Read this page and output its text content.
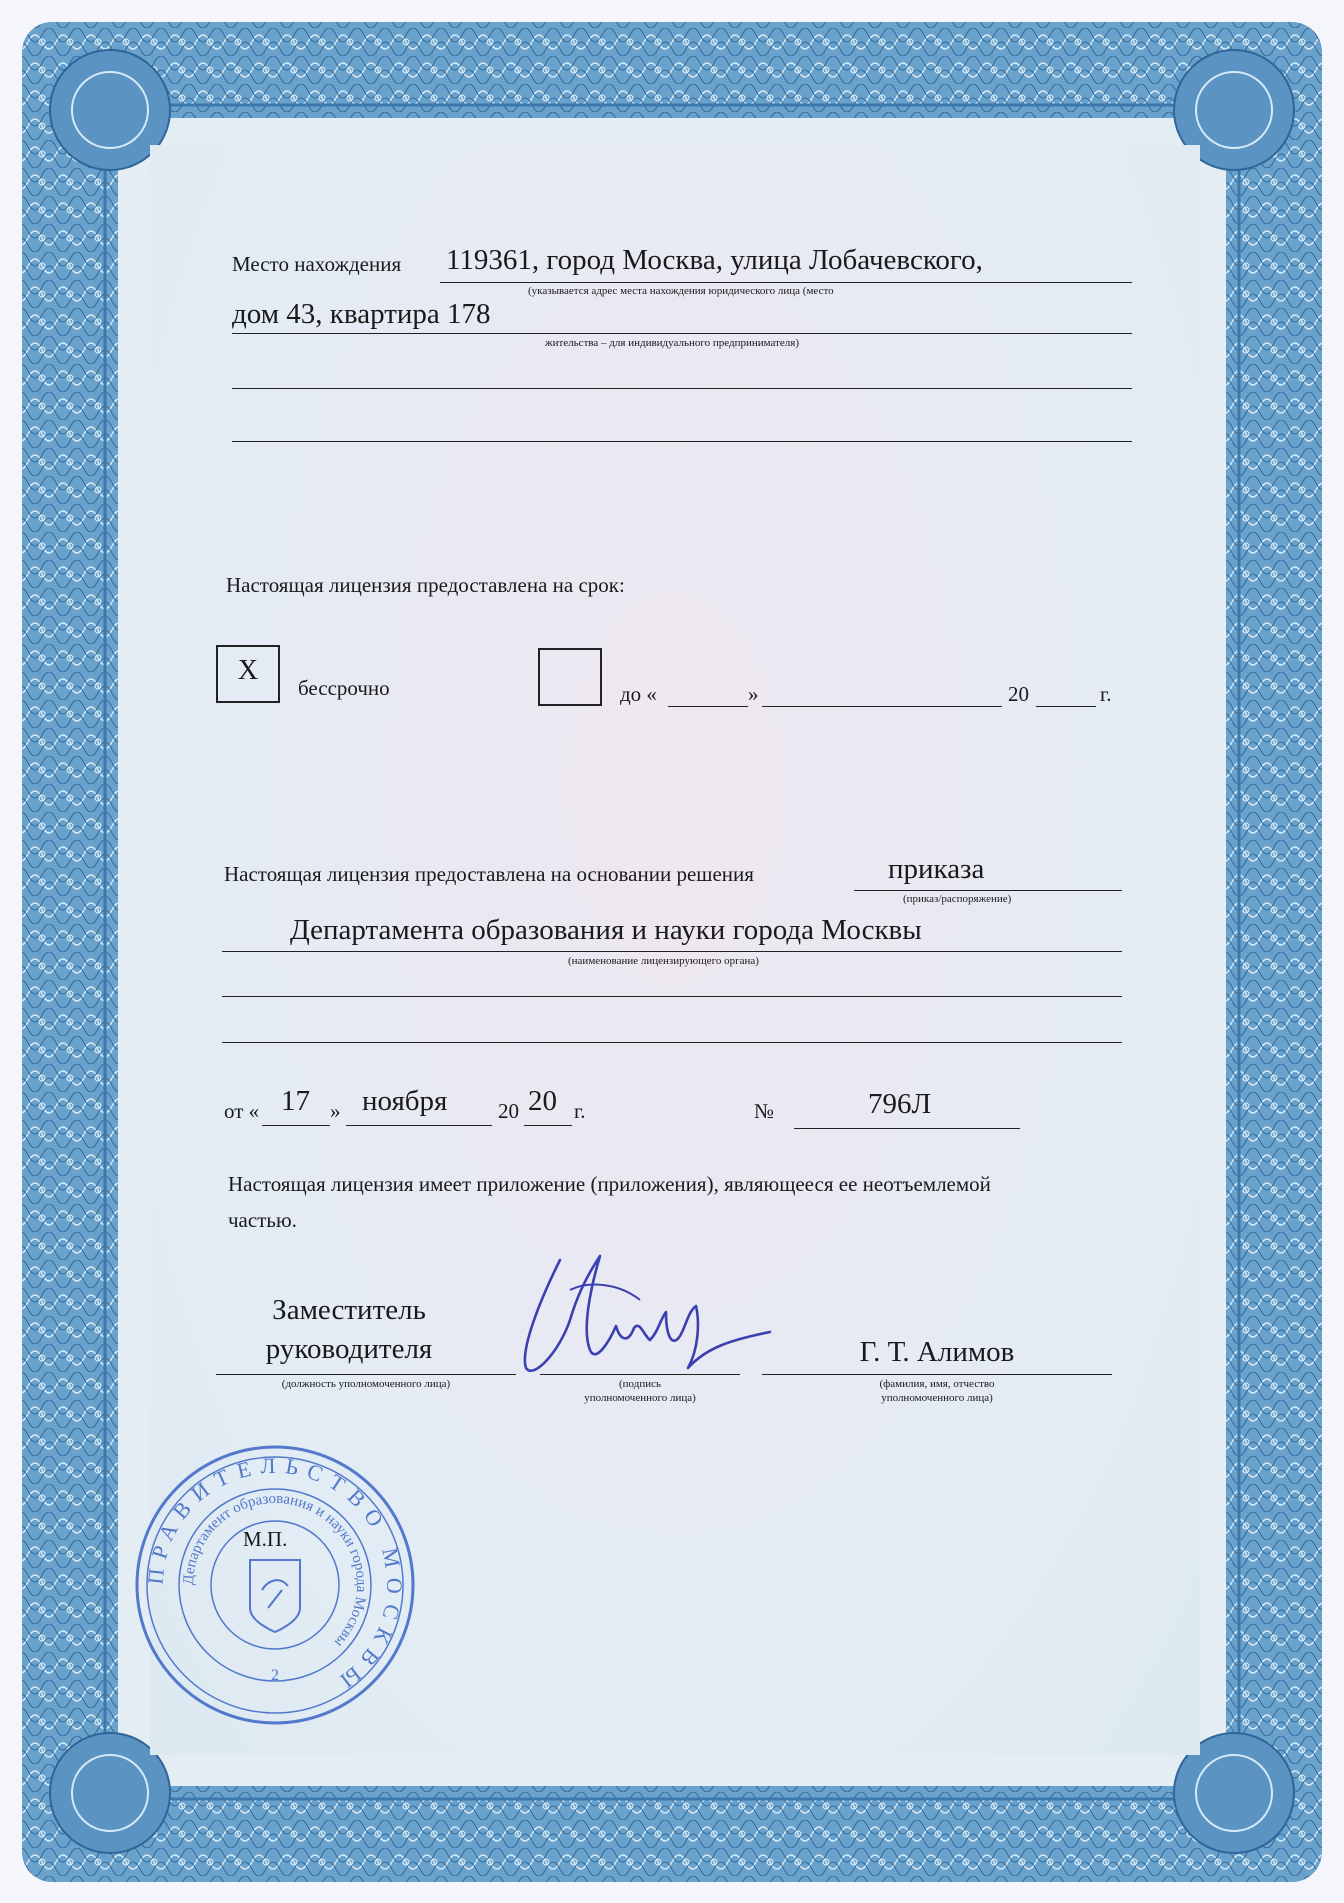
Место нахождения 119361, город Москва, улица Лобачевского,
(указывается адрес места нахождения юридического лица (место
дом 43, квартира 178
жительства – для индивидуального предпринимателя)
Настоящая лицензия предоставлена на срок:
X
бессрочно	до «	»	20	г.
Настоящая лицензия предоставлена на основании решения	приказа
(приказ/распоряжение)
Департамента образования и науки города Москвы
(наименование лицензирующего органа)
от « 17 » ноября 20 20 г.	№	796Л
Настоящая лицензия имеет приложение (приложения), являющееся ее неотъемлемой
частью.
Заместитель
руководителя
(должность уполномоченного лица)	(подпись
уполномоченного лица)
Г. Т. Алимов
(фамилия, имя, отчество
уполномоченного лица)
ПРАВИТЕЛЬСТВО МОСКВЫ
Департамент образования и науки города Москвы
2
М.П.
